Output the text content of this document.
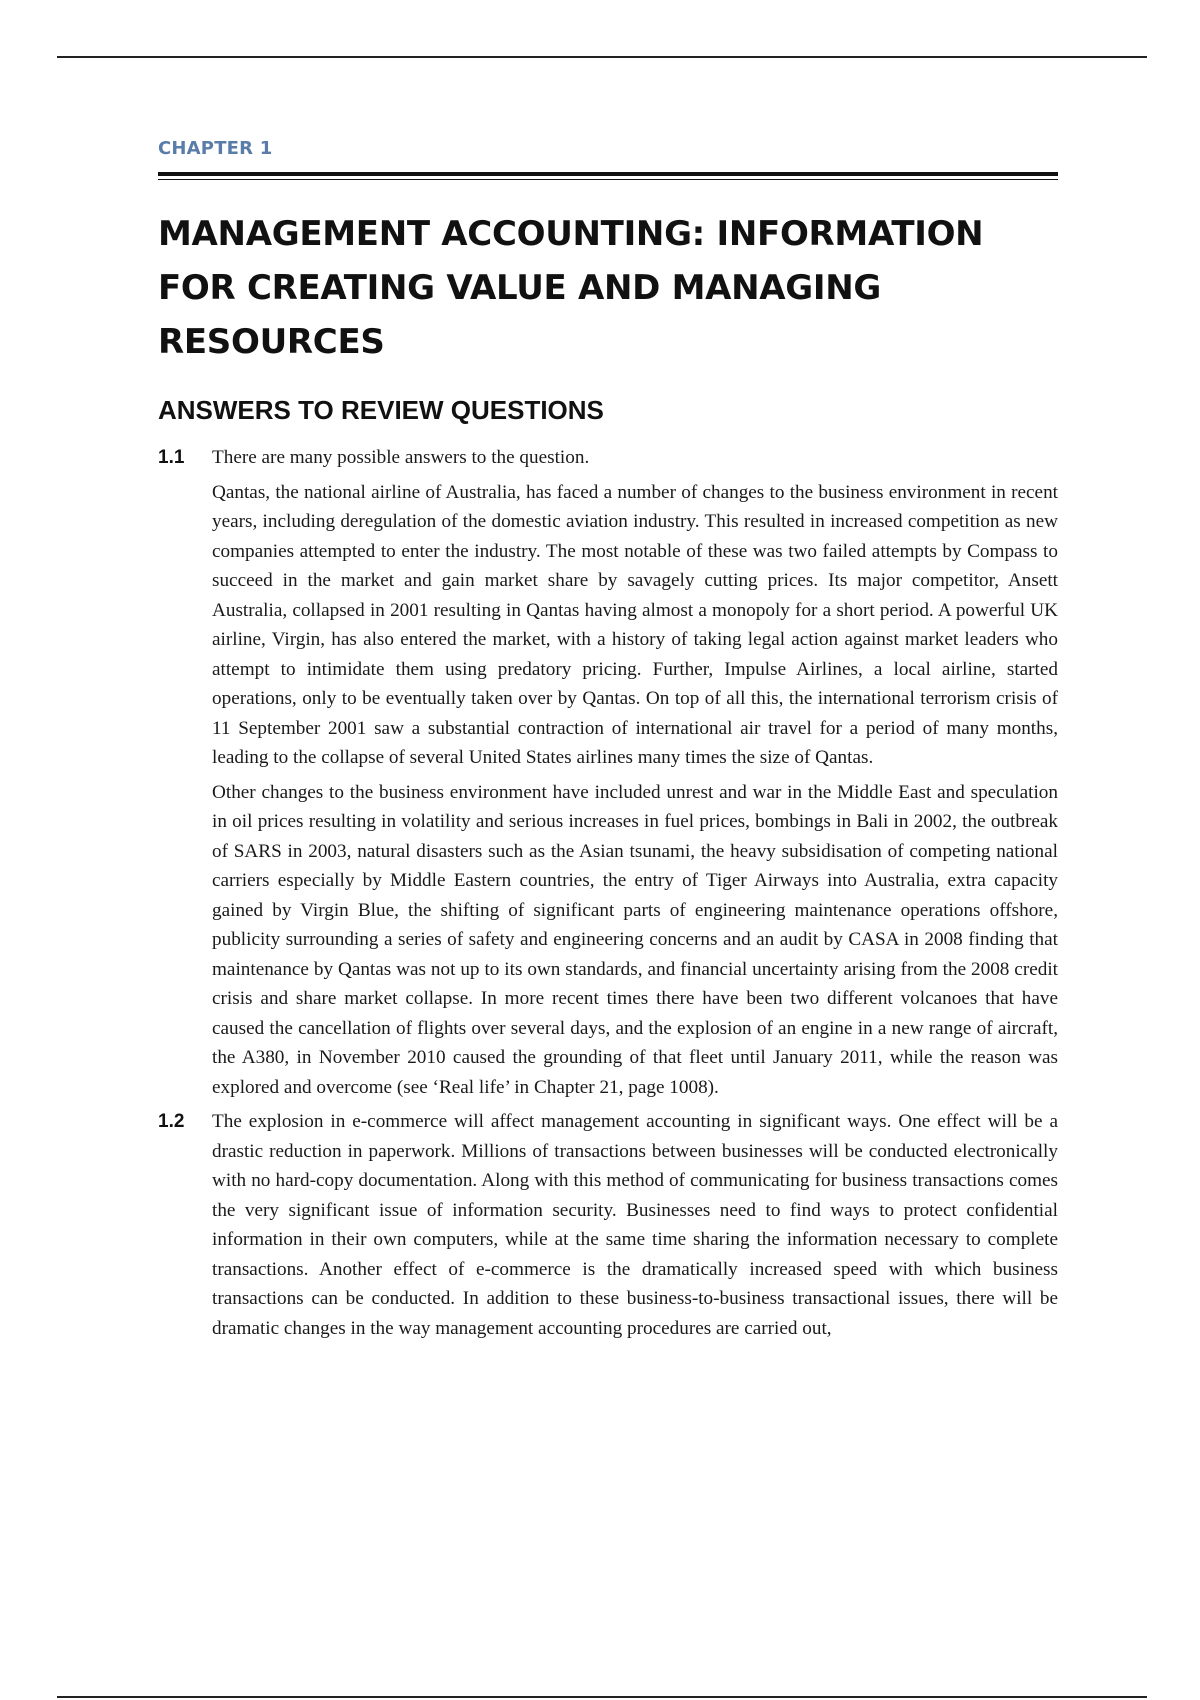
CHAPTER 1
MANAGEMENT ACCOUNTING: INFORMATION
FOR CREATING VALUE AND MANAGING
RESOURCES
ANSWERS TO REVIEW QUESTIONS
1.1 There are many possible answers to the question.

Qantas, the national airline of Australia, has faced a number of changes to the business environment in recent years, including deregulation of the domestic aviation industry. This resulted in increased competition as new companies attempted to enter the industry. The most notable of these was two failed attempts by Compass to succeed in the market and gain market share by savagely cutting prices. Its major competitor, Ansett Australia, collapsed in 2001 resulting in Qantas having almost a monopoly for a short period. A powerful UK airline, Virgin, has also entered the market, with a history of taking legal action against market leaders who attempt to intimidate them using predatory pricing. Further, Impulse Airlines, a local airline, started operations, only to be eventually taken over by Qantas. On top of all this, the international terrorism crisis of 11 September 2001 saw a substantial contraction of international air travel for a period of many months, leading to the collapse of several United States airlines many times the size of Qantas.

Other changes to the business environment have included unrest and war in the Middle East and speculation in oil prices resulting in volatility and serious increases in fuel prices, bombings in Bali in 2002, the outbreak of SARS in 2003, natural disasters such as the Asian tsunami, the heavy subsidisation of competing national carriers especially by Middle Eastern countries, the entry of Tiger Airways into Australia, extra capacity gained by Virgin Blue, the shifting of significant parts of engineering maintenance operations offshore, publicity surrounding a series of safety and engineering concerns and an audit by CASA in 2008 finding that maintenance by Qantas was not up to its own standards, and financial uncertainty arising from the 2008 credit crisis and share market collapse. In more recent times there have been two different volcanoes that have caused the cancellation of flights over several days, and the explosion of an engine in a new range of aircraft, the A380, in November 2010 caused the grounding of that fleet until January 2011, while the reason was explored and overcome (see ‘Real life’ in Chapter 21, page 1008).

1.2 The explosion in e-commerce will affect management accounting in significant ways. One effect will be a drastic reduction in paperwork. Millions of transactions between businesses will be conducted electronically with no hard-copy documentation. Along with this method of communicating for business transactions comes the very significant issue of information security. Businesses need to find ways to protect confidential information in their own computers, while at the same time sharing the information necessary to complete transactions. Another effect of e-commerce is the dramatically increased speed with which business transactions can be conducted. In addition to these business-to-business transactional issues, there will be dramatic changes in the way management accounting procedures are carried out,
